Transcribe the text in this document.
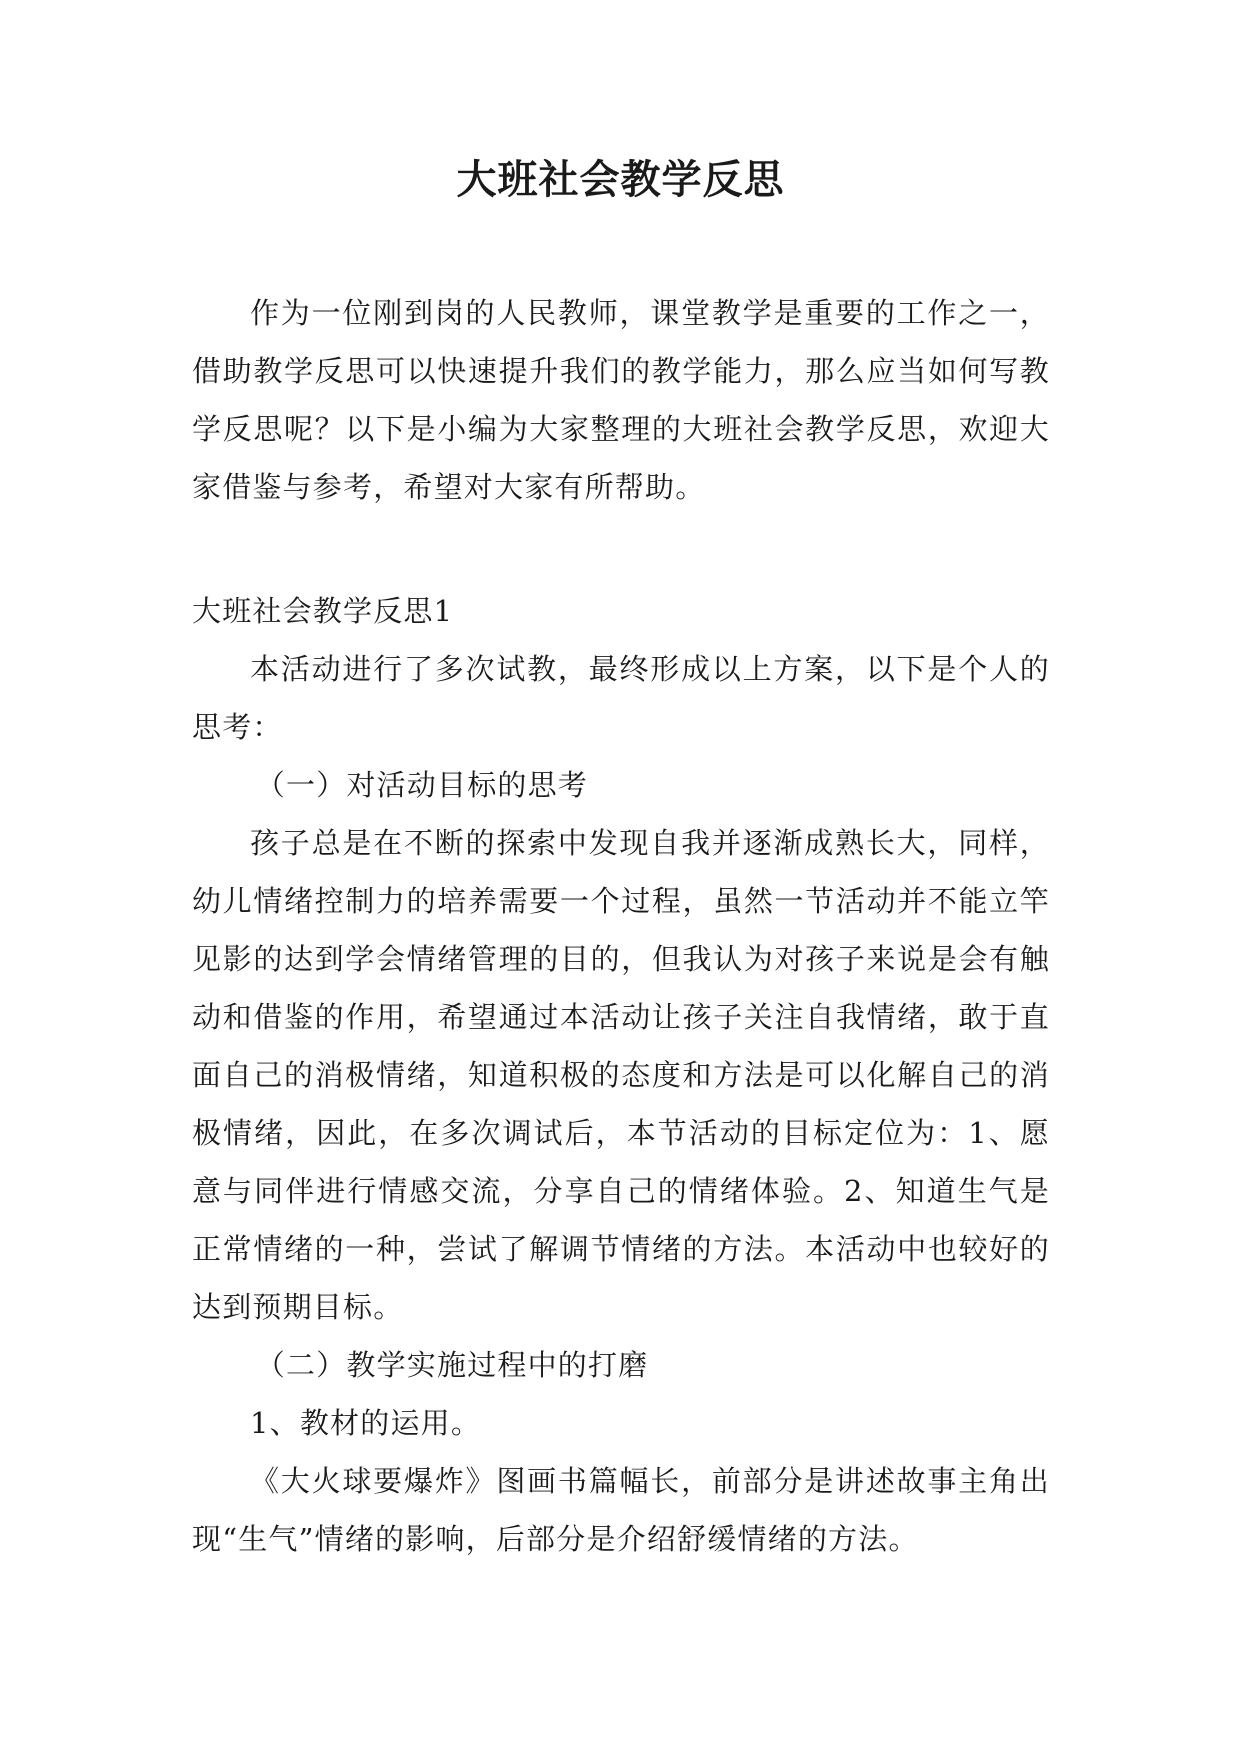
大班社会教学反思

作为一位刚到岗的人民教师，课堂教学是重要的工作之一，借助教学反思可以快速提升我们的教学能力，那么应当如何写教学反思呢？以下是小编为大家整理的大班社会教学反思，欢迎大家借鉴与参考，希望对大家有所帮助。

大班社会教学反思1

本活动进行了多次试教，最终形成以上方案，以下是个人的思考：

（一）对活动目标的思考

孩子总是在不断的探索中发现自我并逐渐成熟长大，同样，幼儿情绪控制力的培养需要一个过程，虽然一节活动并不能立竿见影的达到学会情绪管理的目的，但我认为对孩子来说是会有触动和借鉴的作用，希望通过本活动让孩子关注自我情绪，敢于直面自己的消极情绪，知道积极的态度和方法是可以化解自己的消极情绪，因此，在多次调试后，本节活动的目标定位为：1、愿意与同伴进行情感交流，分享自己的情绪体验。2、知道生气是正常情绪的一种，尝试了解调节情绪的方法。本活动中也较好的达到预期目标。

（二）教学实施过程中的打磨

1、教材的运用。

《大火球要爆炸》图画书篇幅长，前部分是讲述故事主角出现“生气”情绪的影响，后部分是介绍舒缓情绪的方法。
